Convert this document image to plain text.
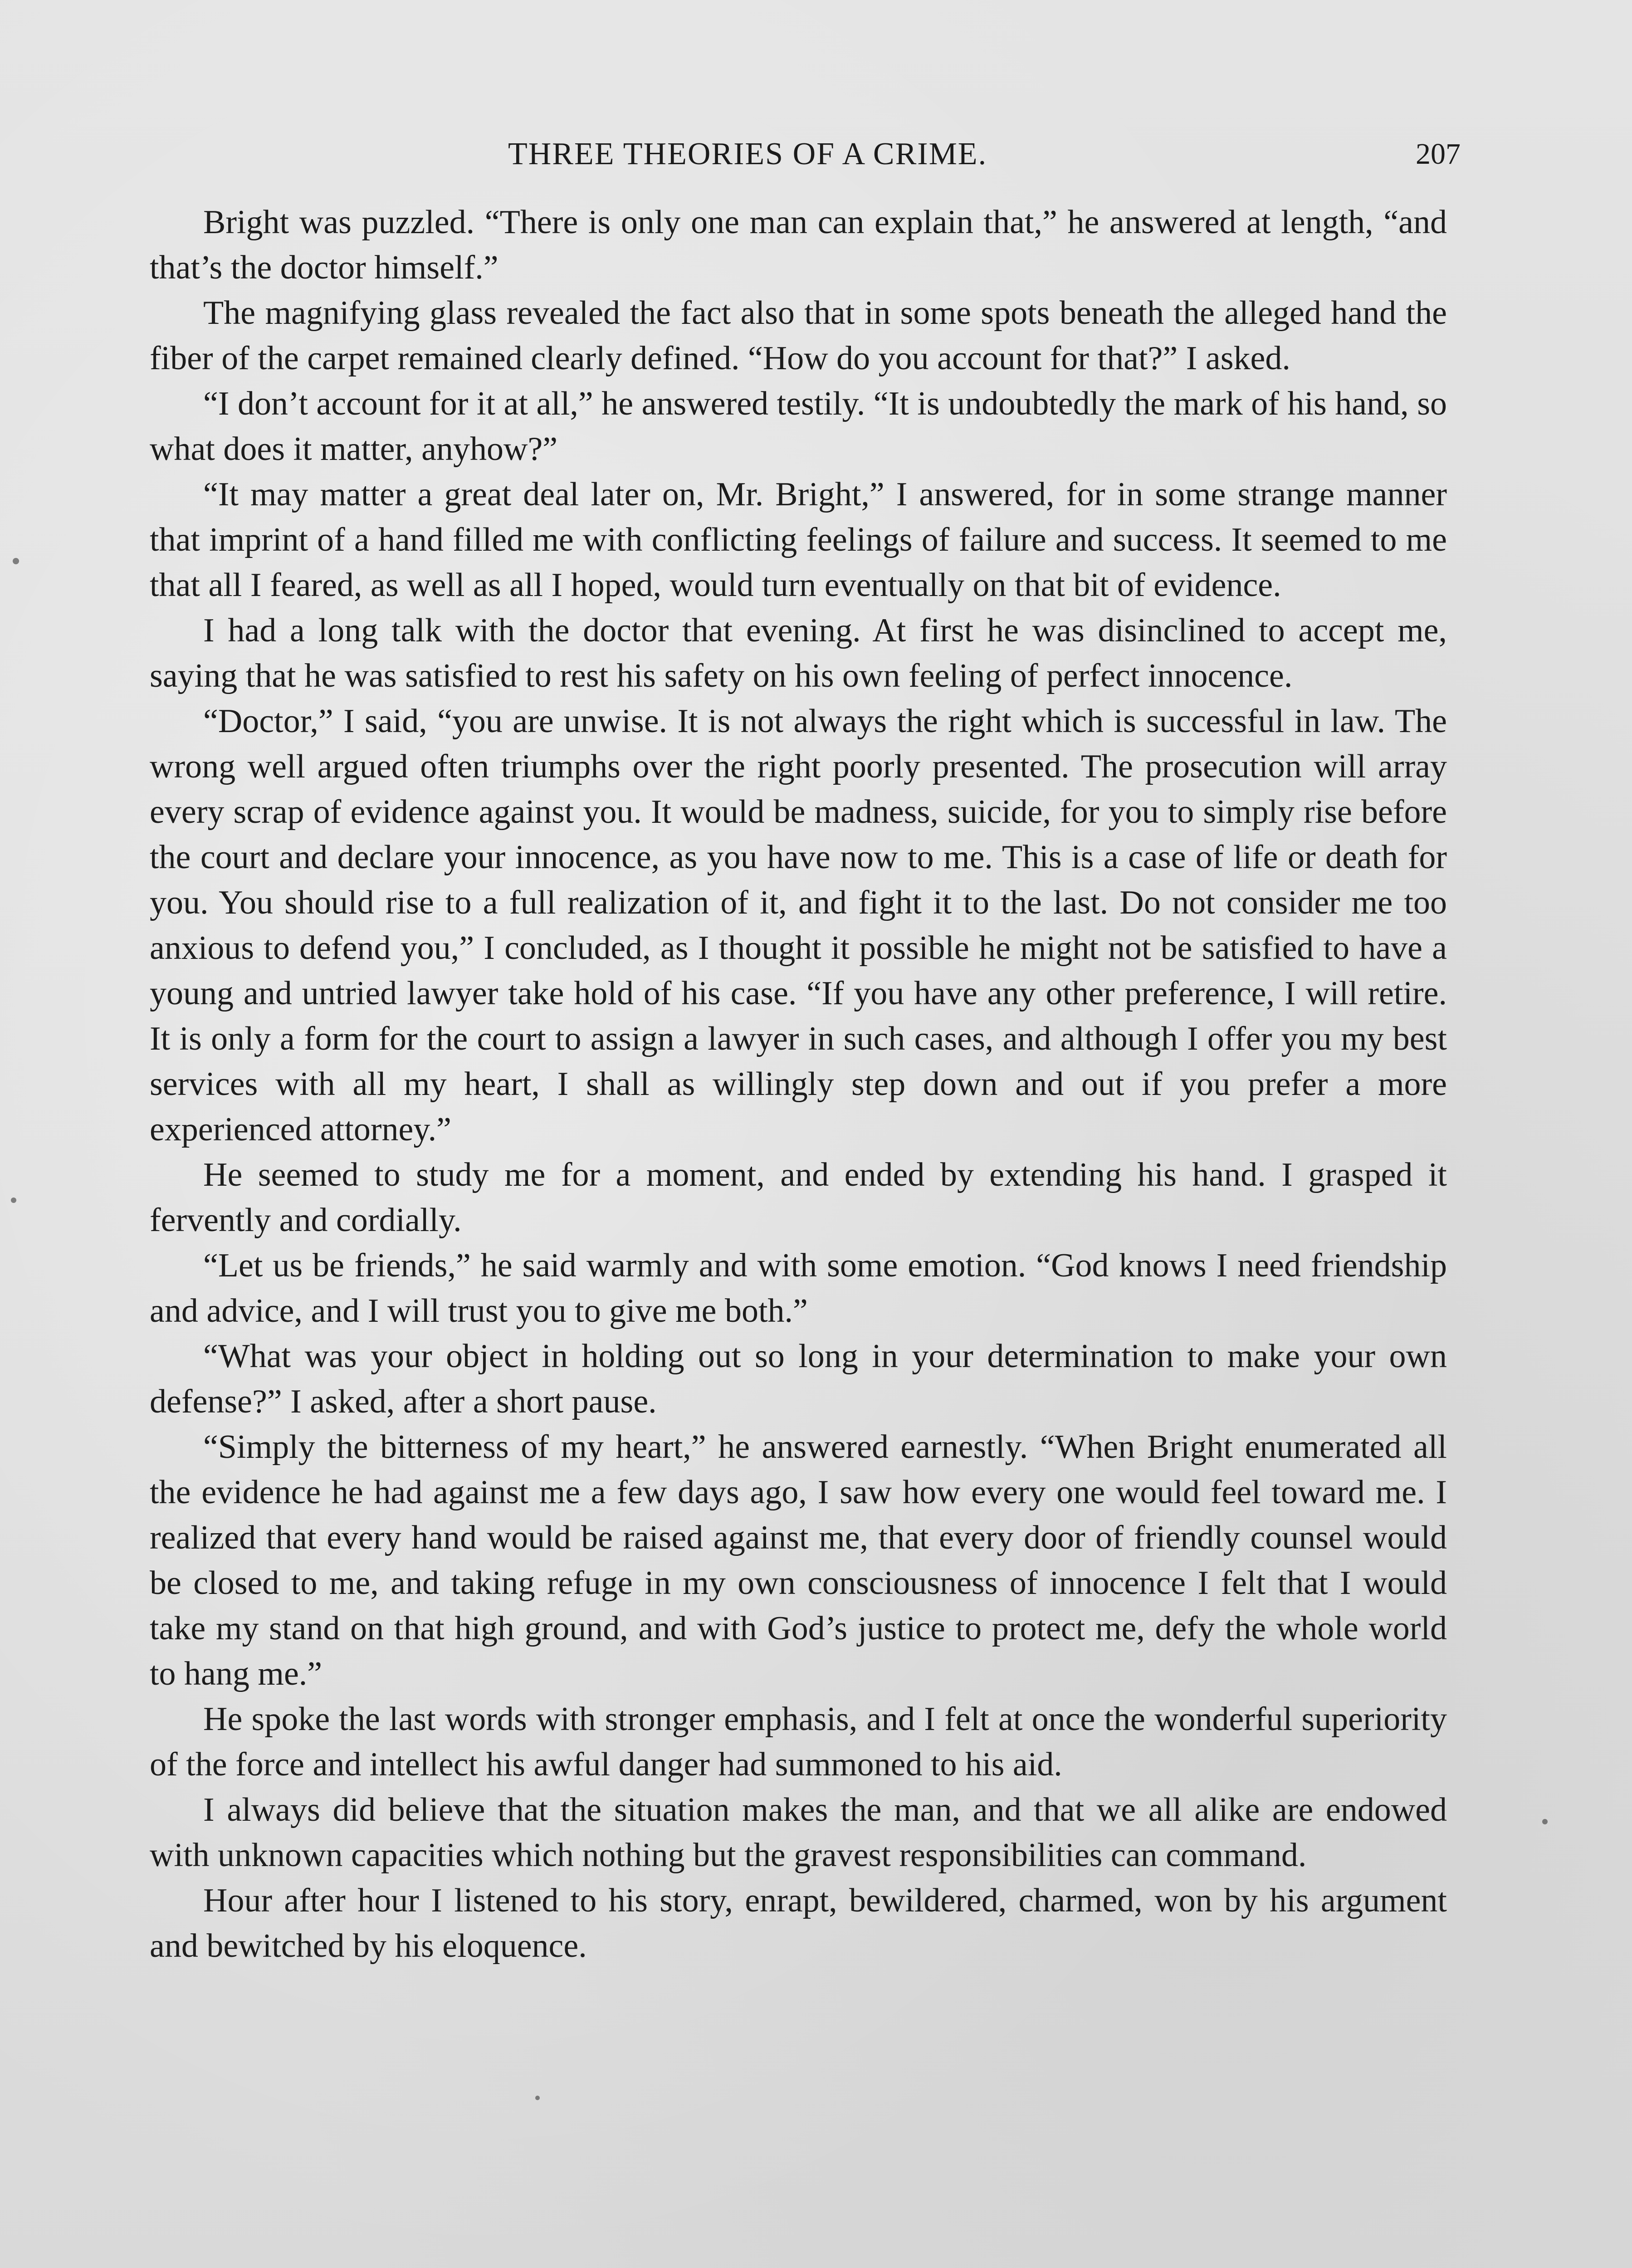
THREE THEORIES OF A CRIME.	207

Bright was puzzled. “There is only one man can explain that,” he answered at length, “and that’s the doctor himself.”

The magnifying glass revealed the fact also that in some spots beneath the alleged hand the fiber of the carpet remained clearly defined. “How do you account for that?” I asked.

“I don’t account for it at all,” he answered testily. “It is undoubtedly the mark of his hand, so what does it matter, anyhow?”

“It may matter a great deal later on, Mr. Bright,” I answered, for in some strange manner that imprint of a hand filled me with conflicting feelings of failure and success. It seemed to me that all I feared, as well as all I hoped, would turn eventually on that bit of evidence.

I had a long talk with the doctor that evening. At first he was disinclined to accept me, saying that he was satisfied to rest his safety on his own feeling of perfect innocence.

“Doctor,” I said, “you are unwise. It is not always the right which is successful in law. The wrong well argued often triumphs over the right poorly presented. The prosecution will array every scrap of evidence against you. It would be madness, suicide, for you to simply rise before the court and declare your innocence, as you have now to me. This is a case of life or death for you. You should rise to a full realization of it, and fight it to the last. Do not consider me too anxious to defend you,” I concluded, as I thought it possible he might not be satisfied to have a young and untried lawyer take hold of his case. “If you have any other preference, I will retire. It is only a form for the court to assign a lawyer in such cases, and although I offer you my best services with all my heart, I shall as willingly step down and out if you prefer a more experienced attorney.”

He seemed to study me for a moment, and ended by extending his hand. I grasped it fervently and cordially.

“Let us be friends,” he said warmly and with some emotion. “God knows I need friendship and advice, and I will trust you to give me both.”

“What was your object in holding out so long in your determination to make your own defense?” I asked, after a short pause.

“Simply the bitterness of my heart,” he answered earnestly. “When Bright enumerated all the evidence he had against me a few days ago, I saw how every one would feel toward me. I realized that every hand would be raised against me, that every door of friendly counsel would be closed to me, and taking refuge in my own consciousness of innocence I felt that I would take my stand on that high ground, and with God’s justice to protect me, defy the whole world to hang me.”

He spoke the last words with stronger emphasis, and I felt at once the wonderful superiority of the force and intellect his awful danger had summoned to his aid.

I always did believe that the situation makes the man, and that we all alike are endowed with unknown capacities which nothing but the gravest responsibilities can command.

Hour after hour I listened to his story, enrapt, bewildered, charmed, won by his argument and bewitched by his eloquence.
